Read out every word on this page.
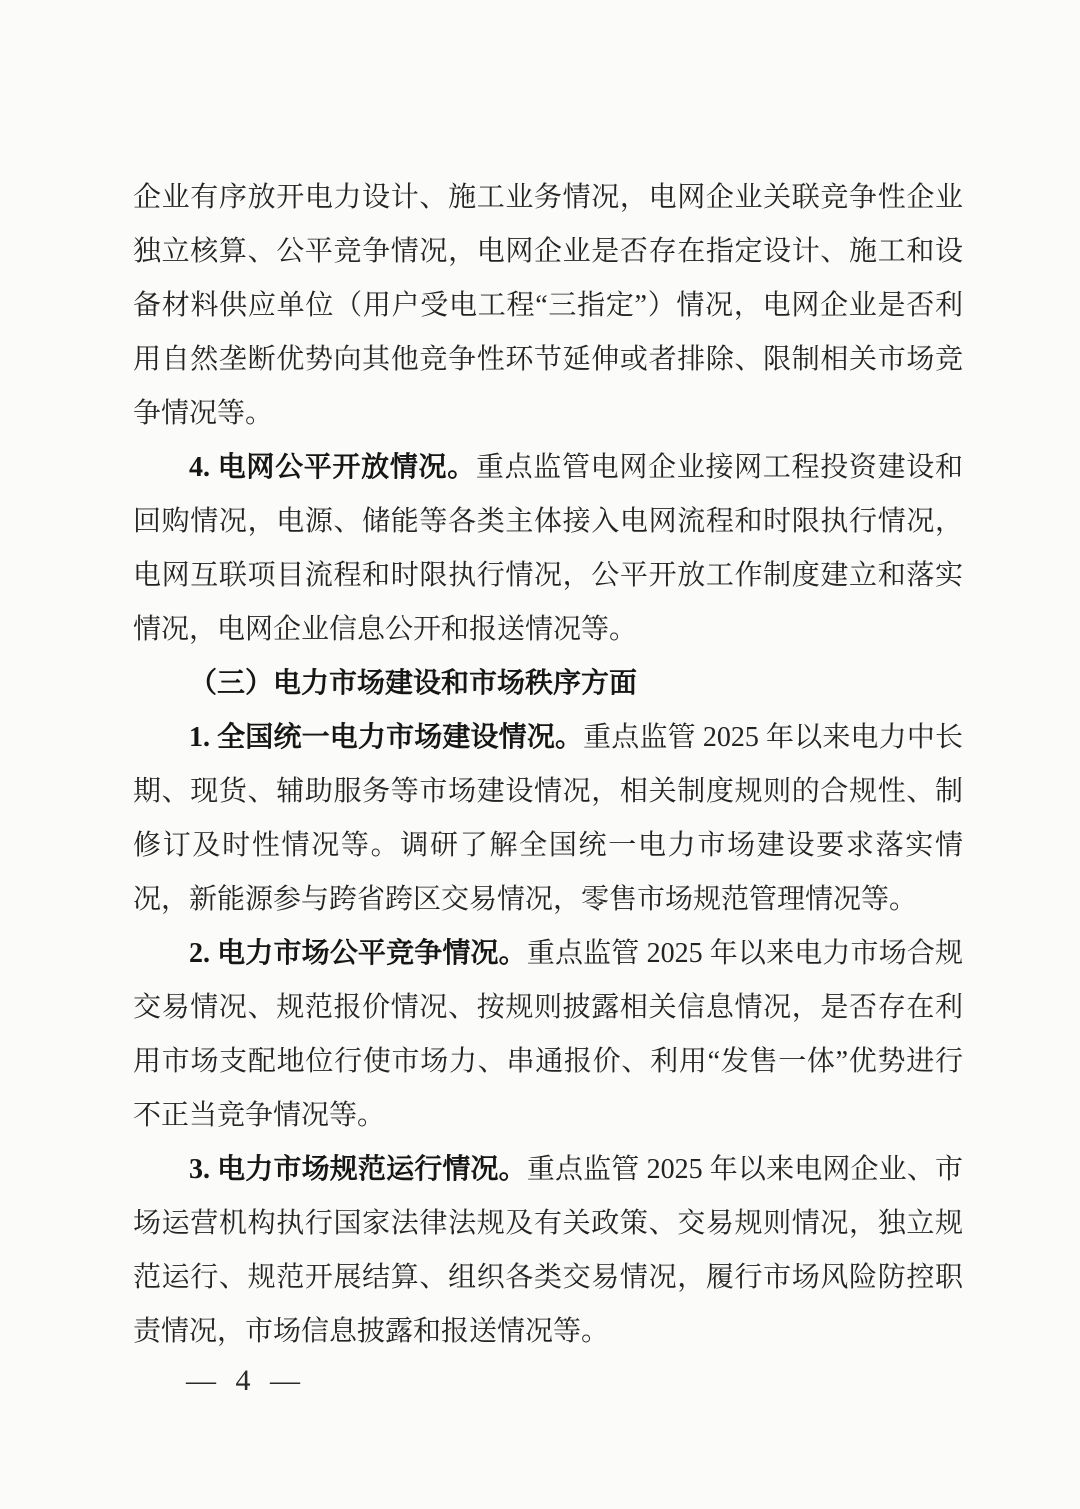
企业有序放开电力设计、施工业务情况，电网企业关联竞争性企业独立核算、公平竞争情况，电网企业是否存在指定设计、施工和设备材料供应单位（用户受电工程“三指定”）情况，电网企业是否利用自然垄断优势向其他竞争性环节延伸或者排除、限制相关市场竞争情况等。

4. 电网公平开放情况。重点监管电网企业接网工程投资建设和回购情况，电源、储能等各类主体接入电网流程和时限执行情况，电网互联项目流程和时限执行情况，公平开放工作制度建立和落实情况，电网企业信息公开和报送情况等。

（三）电力市场建设和市场秩序方面

1. 全国统一电力市场建设情况。重点监管 2025 年以来电力中长期、现货、辅助服务等市场建设情况，相关制度规则的合规性、制修订及时性情况等。调研了解全国统一电力市场建设要求落实情况，新能源参与跨省跨区交易情况，零售市场规范管理情况等。

2. 电力市场公平竞争情况。重点监管 2025 年以来电力市场合规交易情况、规范报价情况、按规则披露相关信息情况，是否存在利用市场支配地位行使市场力、串通报价、利用“发售一体”优势进行不正当竞争情况等。

3. 电力市场规范运行情况。重点监管 2025 年以来电网企业、市场运营机构执行国家法律法规及有关政策、交易规则情况，独立规范运行、规范开展结算、组织各类交易情况，履行市场风险防控职责情况，市场信息披露和报送情况等。

— 4 —
